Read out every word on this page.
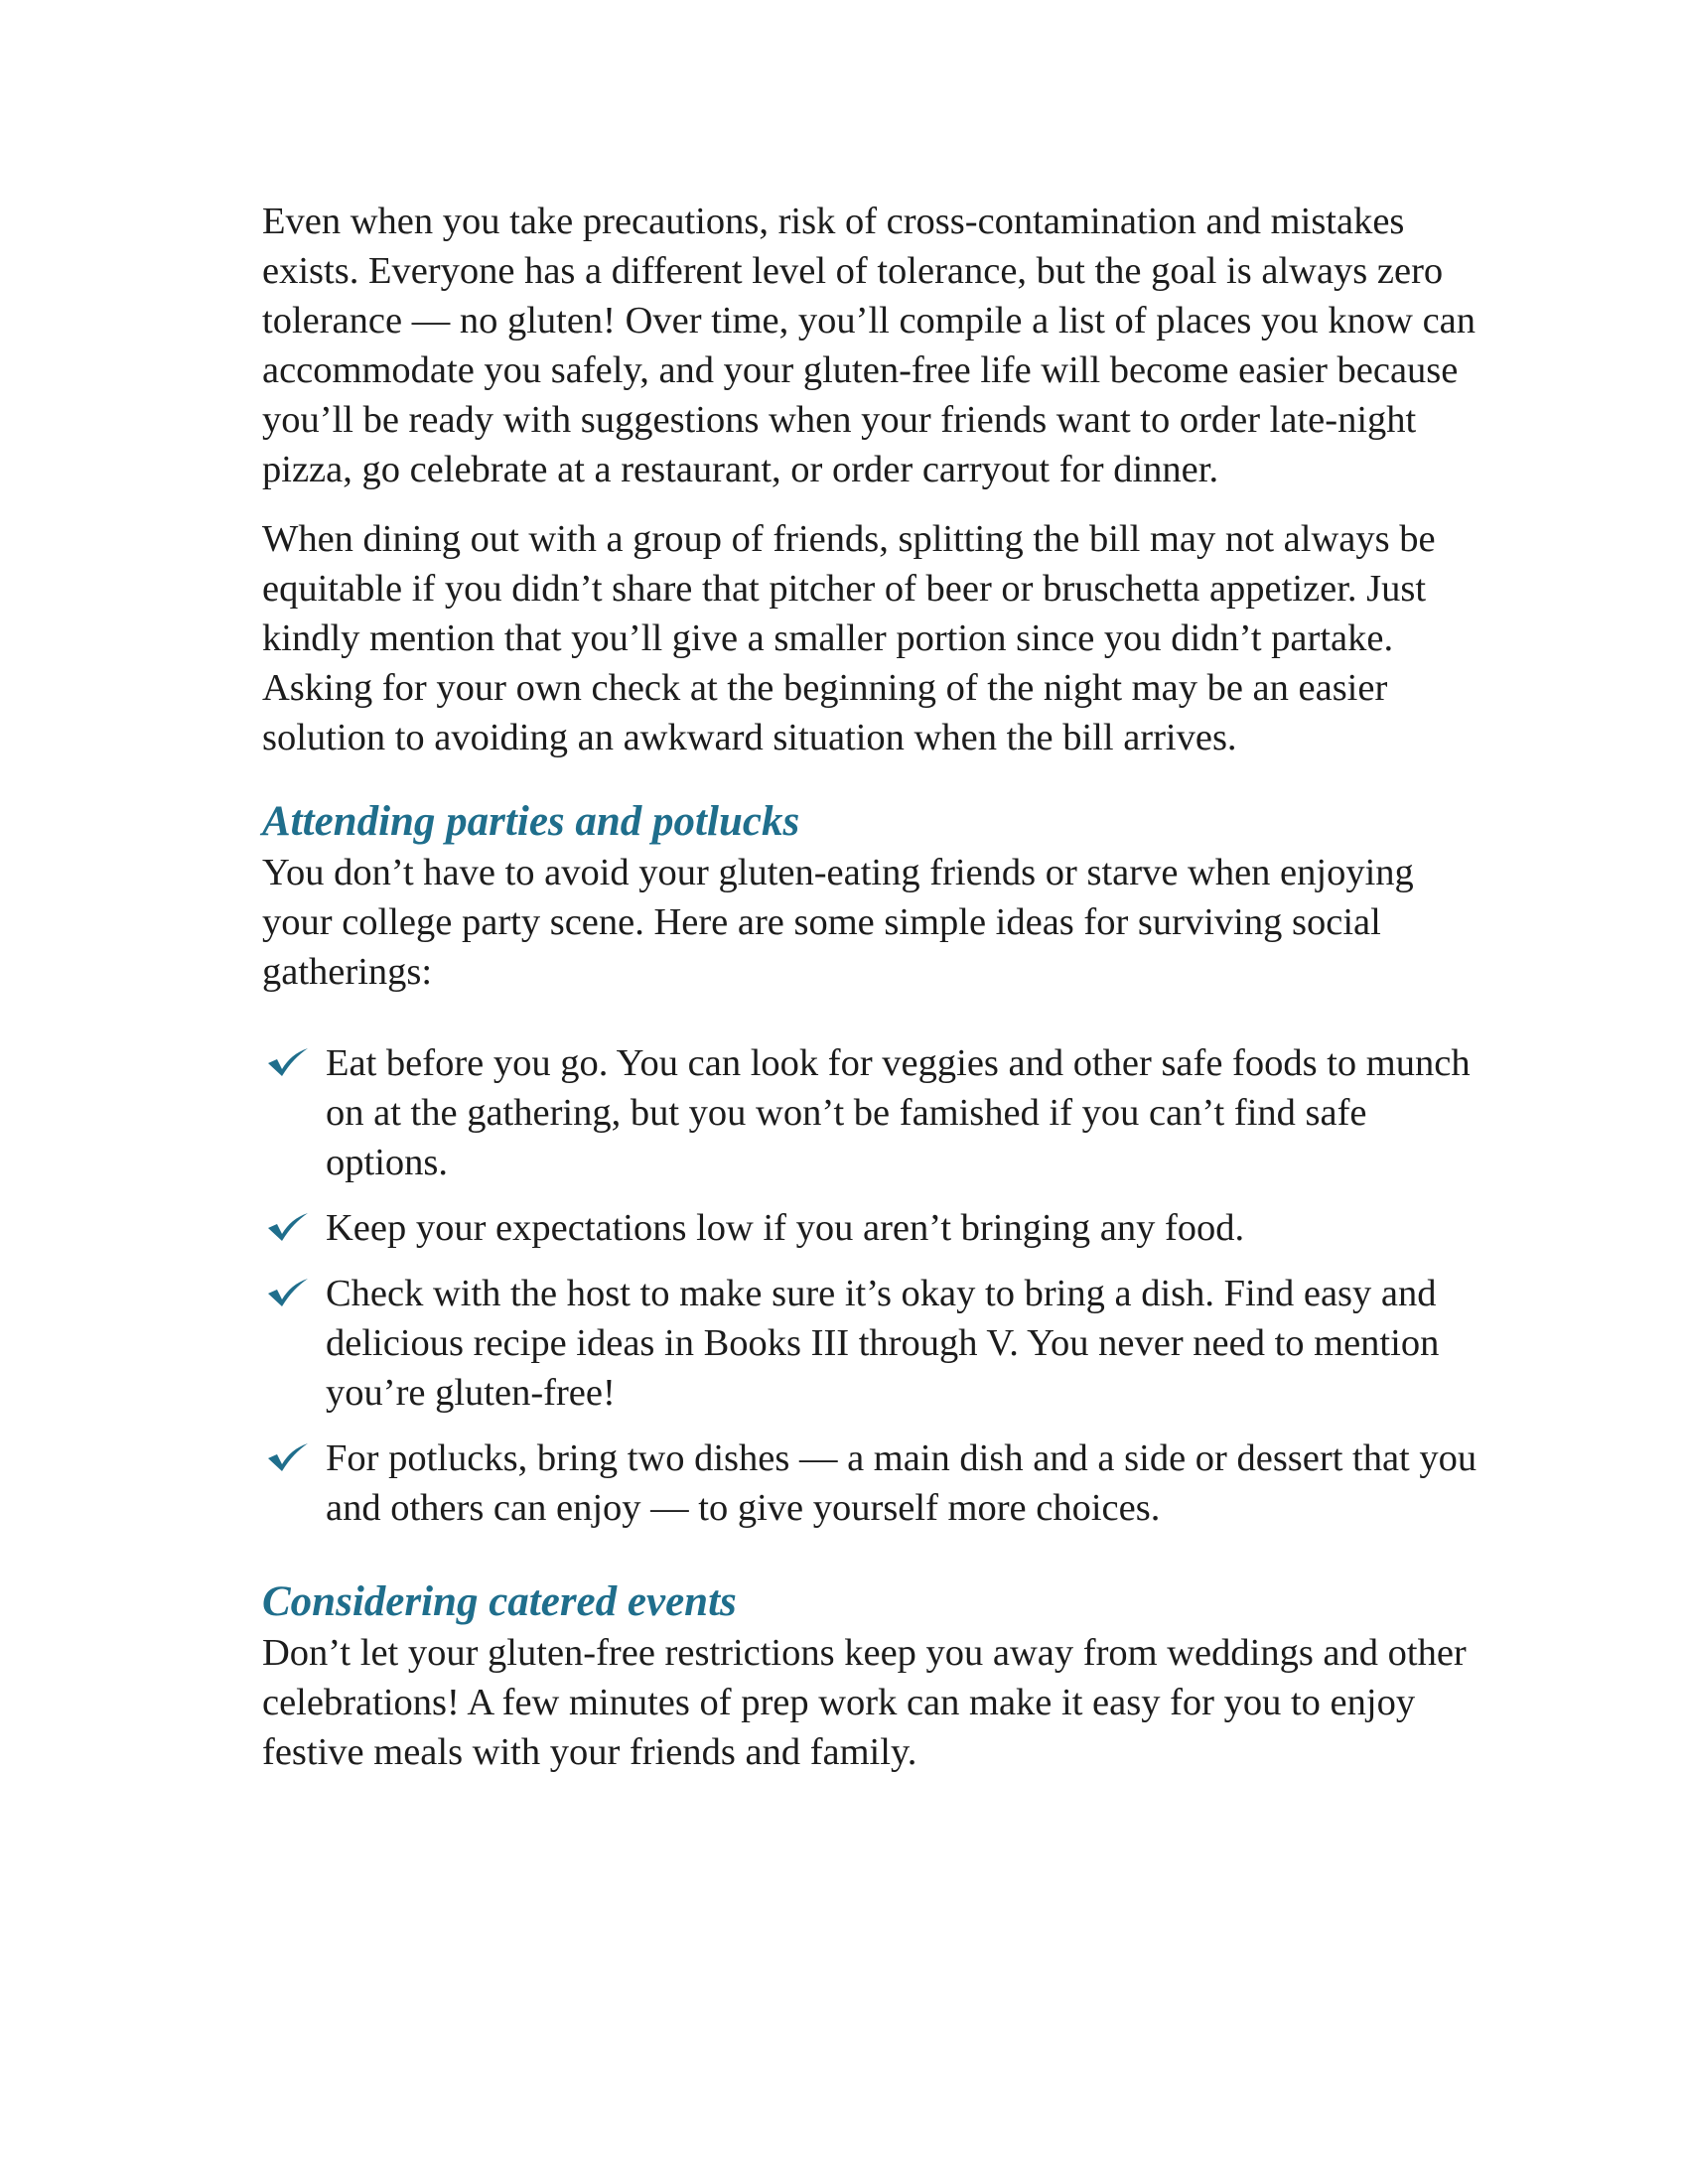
Even when you take precautions, risk of cross-contamination and mistakes exists. Everyone has a different level of tolerance, but the goal is always zero tolerance — no gluten! Over time, you’ll compile a list of places you know can accommodate you safely, and your gluten-free life will become easier because you’ll be ready with suggestions when your friends want to order late-night pizza, go celebrate at a restaurant, or order carryout for dinner.

When dining out with a group of friends, splitting the bill may not always be equitable if you didn’t share that pitcher of beer or bruschetta appetizer. Just kindly mention that you’ll give a smaller portion since you didn’t partake. Asking for your own check at the beginning of the night may be an easier solution to avoiding an awkward situation when the bill arrives.

Attending parties and potlucks

You don’t have to avoid your gluten-eating friends or starve when enjoying your college party scene. Here are some simple ideas for surviving social gatherings:

Eat before you go. You can look for veggies and other safe foods to munch on at the gathering, but you won’t be famished if you can’t find safe options.
Keep your expectations low if you aren’t bringing any food.
Check with the host to make sure it’s okay to bring a dish. Find easy and delicious recipe ideas in Books III through V. You never need to mention you’re gluten-free!
For potlucks, bring two dishes — a main dish and a side or dessert that you and others can enjoy — to give yourself more choices.
Considering catered events

Don’t let your gluten-free restrictions keep you away from weddings and other celebrations! A few minutes of prep work can make it easy for you to enjoy festive meals with your friends and family.
